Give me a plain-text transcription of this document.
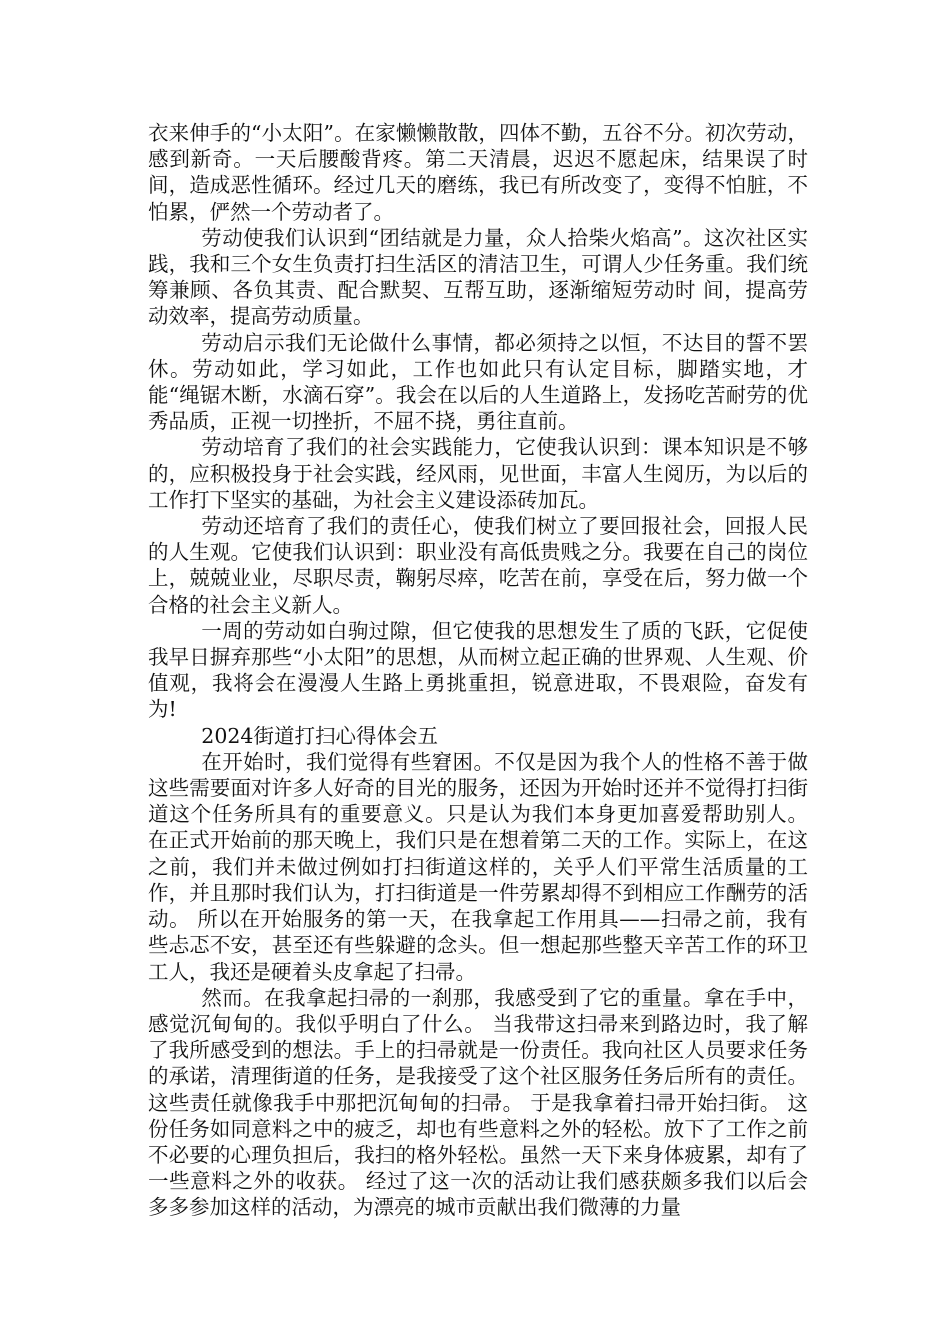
衣来伸手的“小太阳”。在家懒懒散散，四体不勤，五谷不分。初次劳动，感到新奇。一天后腰酸背疼。第二天清晨，迟迟不愿起床，结果误了时间，造成恶性循环。经过几天的磨练，我已有所改变了，变得不怕脏，不怕累，俨然一个劳动者了。

劳动使我们认识到“团结就是力量，众人拾柴火焰高”。这次社区实践，我和三个女生负责打扫生活区的清洁卫生，可谓人少任务重。我们统筹兼顾、各负其责、配合默契、互帮互助，逐渐缩短劳动时 间，提高劳动效率，提高劳动质量。

劳动启示我们无论做什么事情，都必须持之以恒，不达目的誓不罢休。劳动如此，学习如此，工作也如此只有认定目标，脚踏实地，才能“绳锯木断，水滴石穿”。我会在以后的人生道路上，发扬吃苦耐劳的优秀品质，正视一切挫折，不屈不挠，勇往直前。

劳动培育了我们的社会实践能力，它使我认识到：课本知识是不够的，应积极投身于社会实践，经风雨，见世面，丰富人生阅历，为以后的工作打下坚实的基础，为社会主义建设添砖加瓦。

劳动还培育了我们的责任心，使我们树立了要回报社会，回报人民的人生观。它使我们认识到：职业没有高低贵贱之分。我要在自己的岗位上，兢兢业业，尽职尽责，鞠躬尽瘁，吃苦在前，享受在后，努力做一个合格的社会主义新人。

一周的劳动如白驹过隙，但它使我的思想发生了质的飞跃，它促使我早日摒弃那些“小太阳”的思想，从而树立起正确的世界观、人生观、价值观，我将会在漫漫人生路上勇挑重担，锐意进取，不畏艰险，奋发有为!

2024街道打扫心得体会五

在开始时，我们觉得有些窘困。不仅是因为我个人的性格不善于做这些需要面对许多人好奇的目光的服务，还因为开始时还并不觉得打扫街道这个任务所具有的重要意义。只是认为我们本身更加喜爱帮助别人。 在正式开始前的那天晚上，我们只是在想着第二天的工作。实际上，在这之前，我们并未做过例如打扫街道这样的，关乎人们平常生活质量的工作，并且那时我们认为，打扫街道是一件劳累却得不到相应工作酬劳的活动。 所以在开始服务的第一天，在我拿起工作用具——扫帚之前，我有些忐忑不安，甚至还有些躲避的念头。但一想起那些整天辛苦工作的环卫工人，我还是硬着头皮拿起了扫帚。

然而。在我拿起扫帚的一刹那，我感受到了它的重量。拿在手中，感觉沉甸甸的。我似乎明白了什么。 当我带这扫帚来到路边时，我了解了我所感受到的想法。手上的扫帚就是一份责任。我向社区人员要求任务的承诺，清理街道的任务，是我接受了这个社区服务任务后所有的责任。这些责任就像我手中那把沉甸甸的扫帚。 于是我拿着扫帚开始扫街。 这份任务如同意料之中的疲乏，却也有些意料之外的轻松。放下了工作之前不必要的心理负担后，我扫的格外轻松。虽然一天下来身体疲累，却有了一些意料之外的收获。 经过了这一次的活动让我们感获颇多我们以后会多多参加这样的活动，为漂亮的城市贡献出我们微薄的力量
